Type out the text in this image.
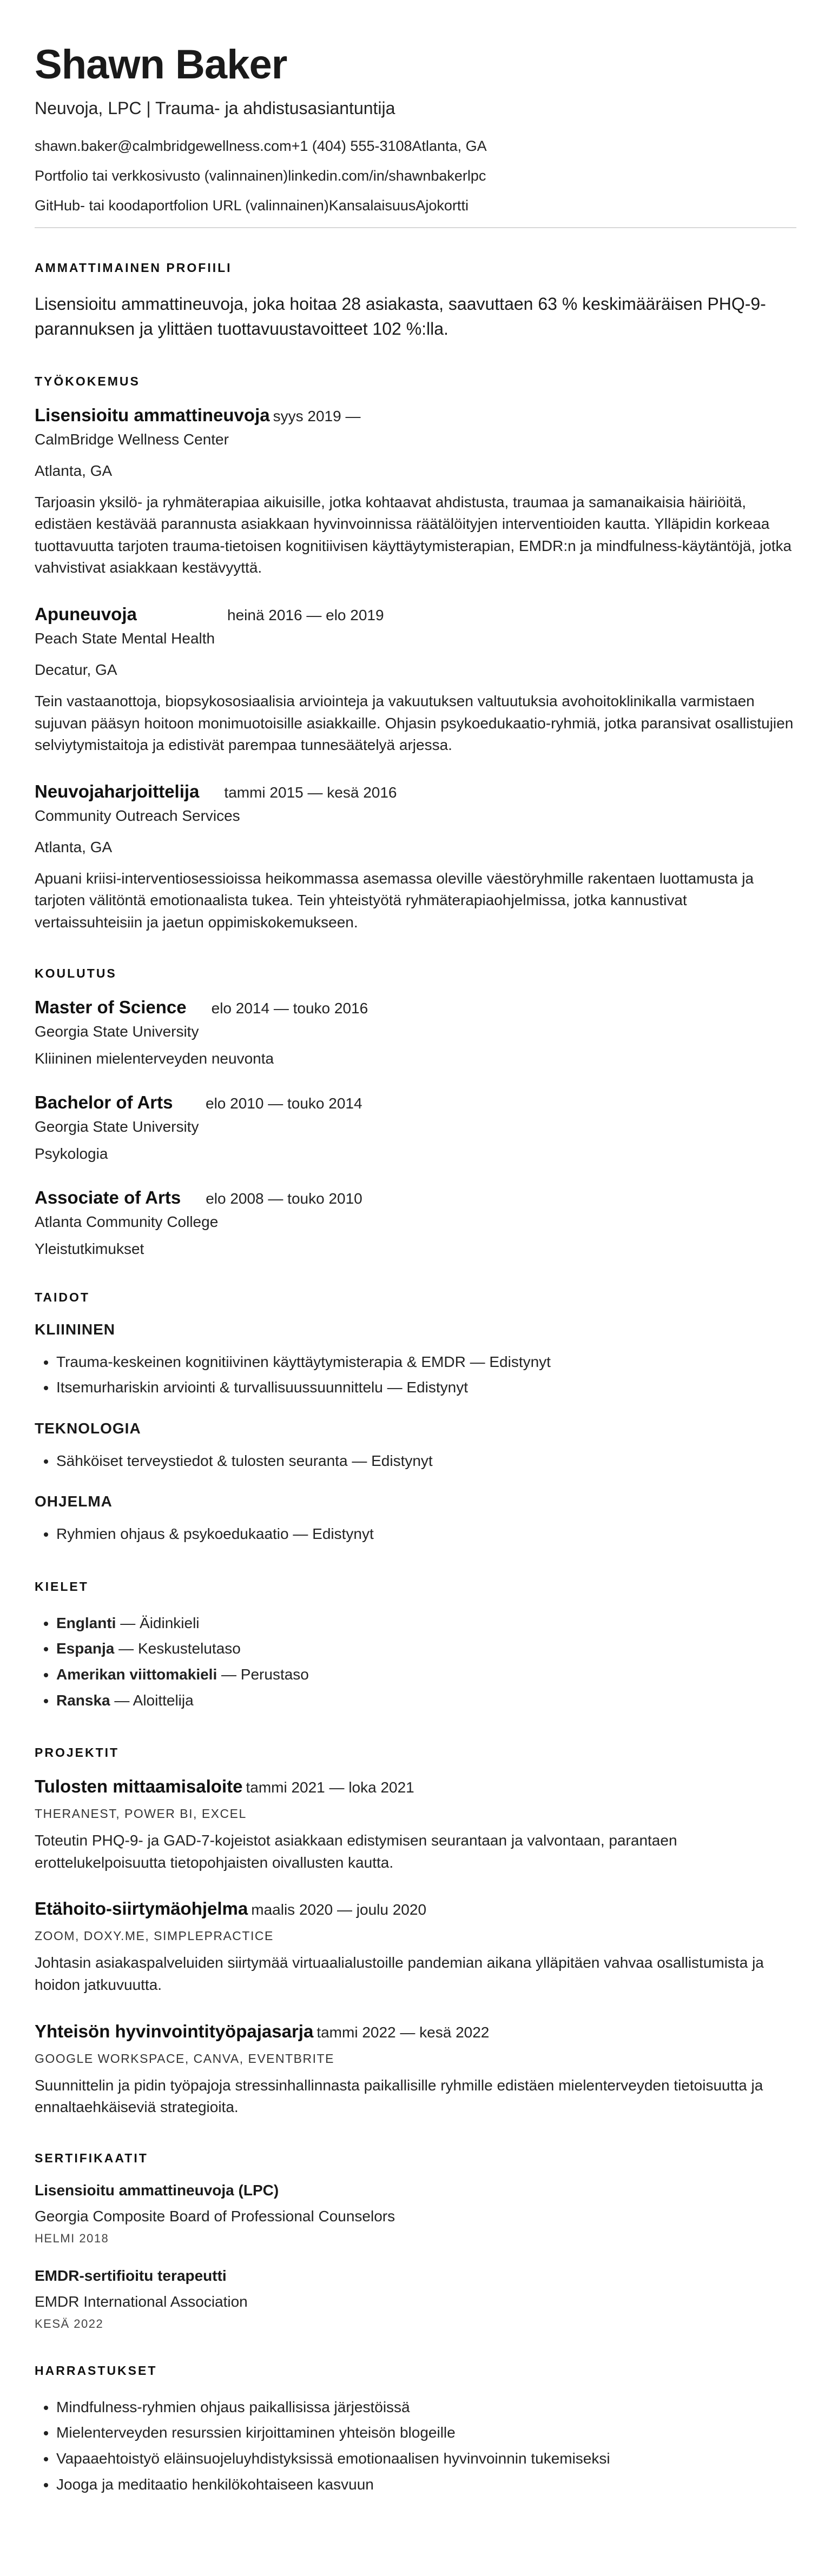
Shawn Baker
Neuvoja, LPC | Trauma- ja ahdistusasiantuntija
shawn.baker@calmbridgewellness.com+1 (404) 555-3108Atlanta, GA
Portfolio tai verkkosivusto (valinnainen)linkedin.com/in/shawnbakerlpc
GitHub- tai koodaportfolion URL (valinnainen)KansalaisuusAjokortti
AMMATTIMAINEN PROFIILI

Lisensioitu ammattineuvoja, joka hoitaa 28 asiakasta, saavuttaen 63 % keskimääräisen PHQ-9-parannuksen ja ylittäen tuottavuustavoitteet 102 %:lla.

TYÖKOKEMUS
Lisensioitu ammattineuvoja syys 2019 —
CalmBridge Wellness Center
Atlanta, GA
Tarjoasin yksilö- ja ryhmäterapiaa aikuisille, jotka kohtaavat ahdistusta, traumaa ja samanaikaisia häiriöitä, edistäen kestävää parannusta asiakkaan hyvinvoinnissa räätälöityjen interventioiden kautta. Ylläpidin korkeaa tuottavuutta tarjoten trauma-tietoisen kognitiivisen käyttäytymisterapian, EMDR:n ja mindfulness-käytäntöjä, jotka vahvistivat asiakkaan kestävyyttä.
Apuneuvoja	heinä 2016 — elo 2019
Peach State Mental Health
Decatur, GA
Tein vastaanottoja, biopsykososiaalisia arviointeja ja vakuutuksen valtuutuksia avohoitoklinikalla varmistaen sujuvan pääsyn hoitoon monimuotoisille asiakkaille. Ohjasin psykoedukaatio-ryhmiä, jotka paransivat osallistujien selviytymistaitoja ja edistivät parempaa tunnesäätelyä arjessa.
Neuvojaharjoittelija tammi 2015 — kesä 2016
Community Outreach Services
Atlanta, GA
Apuani kriisi-interventiosessioissa heikommassa asemassa oleville väestöryhmille rakentaen luottamusta ja tarjoten välitöntä emotionaalista tukea. Tein yhteistyötä ryhmäterapiaohjelmissa, jotka kannustivat vertaissuhteisiin ja jaetun oppimiskokemukseen.
KOULUTUS
Master of Science elo 2014 — touko 2016
Georgia State University
Kliininen mielenterveyden neuvonta
Bachelor of Arts	elo 2010 — touko 2014
Georgia State University
Psykologia
Associate of Arts elo 2008 — touko 2010
Atlanta Community College
Yleistutkimukset
TAIDOT
KLIININEN
• Trauma-keskeinen kognitiivinen käyttäytymisterapia & EMDR — Edistynyt
• Itsemurhariskin arviointi & turvallisuussuunnittelu — Edistynyt
TEKNOLOGIA
• Sähköiset terveystiedot & tulosten seuranta — Edistynyt
OHJELMA
• Ryhmien ohjaus & psykoedukaatio — Edistynyt
KIELET
• Englanti — Äidinkieli
• Espanja — Keskustelutaso
• Amerikan viittomakieli — Perustaso
• Ranska — Aloittelija
PROJEKTIT
Tulosten mittaamisaloite tammi 2021 — loka 2021
THERANEST, POWER BI, EXCEL
Toteutin PHQ-9- ja GAD-7-kojeistot asiakkaan edistymisen seurantaan ja valvontaan, parantaen erottelukelpoisuutta tietopohjaisten oivallusten kautta.
Etähoito-siirtymäohjelma maalis 2020 — joulu 2020
ZOOM, DOXY.ME, SIMPLEPRACTICE
Johtasin asiakaspalveluiden siirtymää virtuaalialustoille pandemian aikana ylläpitäen vahvaa osallistumista ja hoidon jatkuvuutta.
Yhteisön hyvinvointityöpajasarja tammi 2022 — kesä 2022
GOOGLE WORKSPACE, CANVA, EVENTBRITE
Suunnittelin ja pidin työpajoja stressinhallinnasta paikallisille ryhmille edistäen mielenterveyden tietoisuutta ja ennaltaehkäiseviä strategioita.
SERTIFIKAATIT

Lisensioitu ammattineuvoja (LPC)

Georgia Composite Board of Professional Counselors

HELMI 2018

EMDR-sertifioitu terapeutti

EMDR International Association

KESÄ 2022

HARRASTUKSET
• Mindfulness-ryhmien ohjaus paikallisissa järjestöissä
• Mielenterveyden resurssien kirjoittaminen yhteisön blogeille
• Vapaaehtoistyö eläinsuojeluyhdistyksissä emotionaalisen hyvinvoinnin tukemiseksi
• Jooga ja meditaatio henkilökohtaiseen kasvuun
